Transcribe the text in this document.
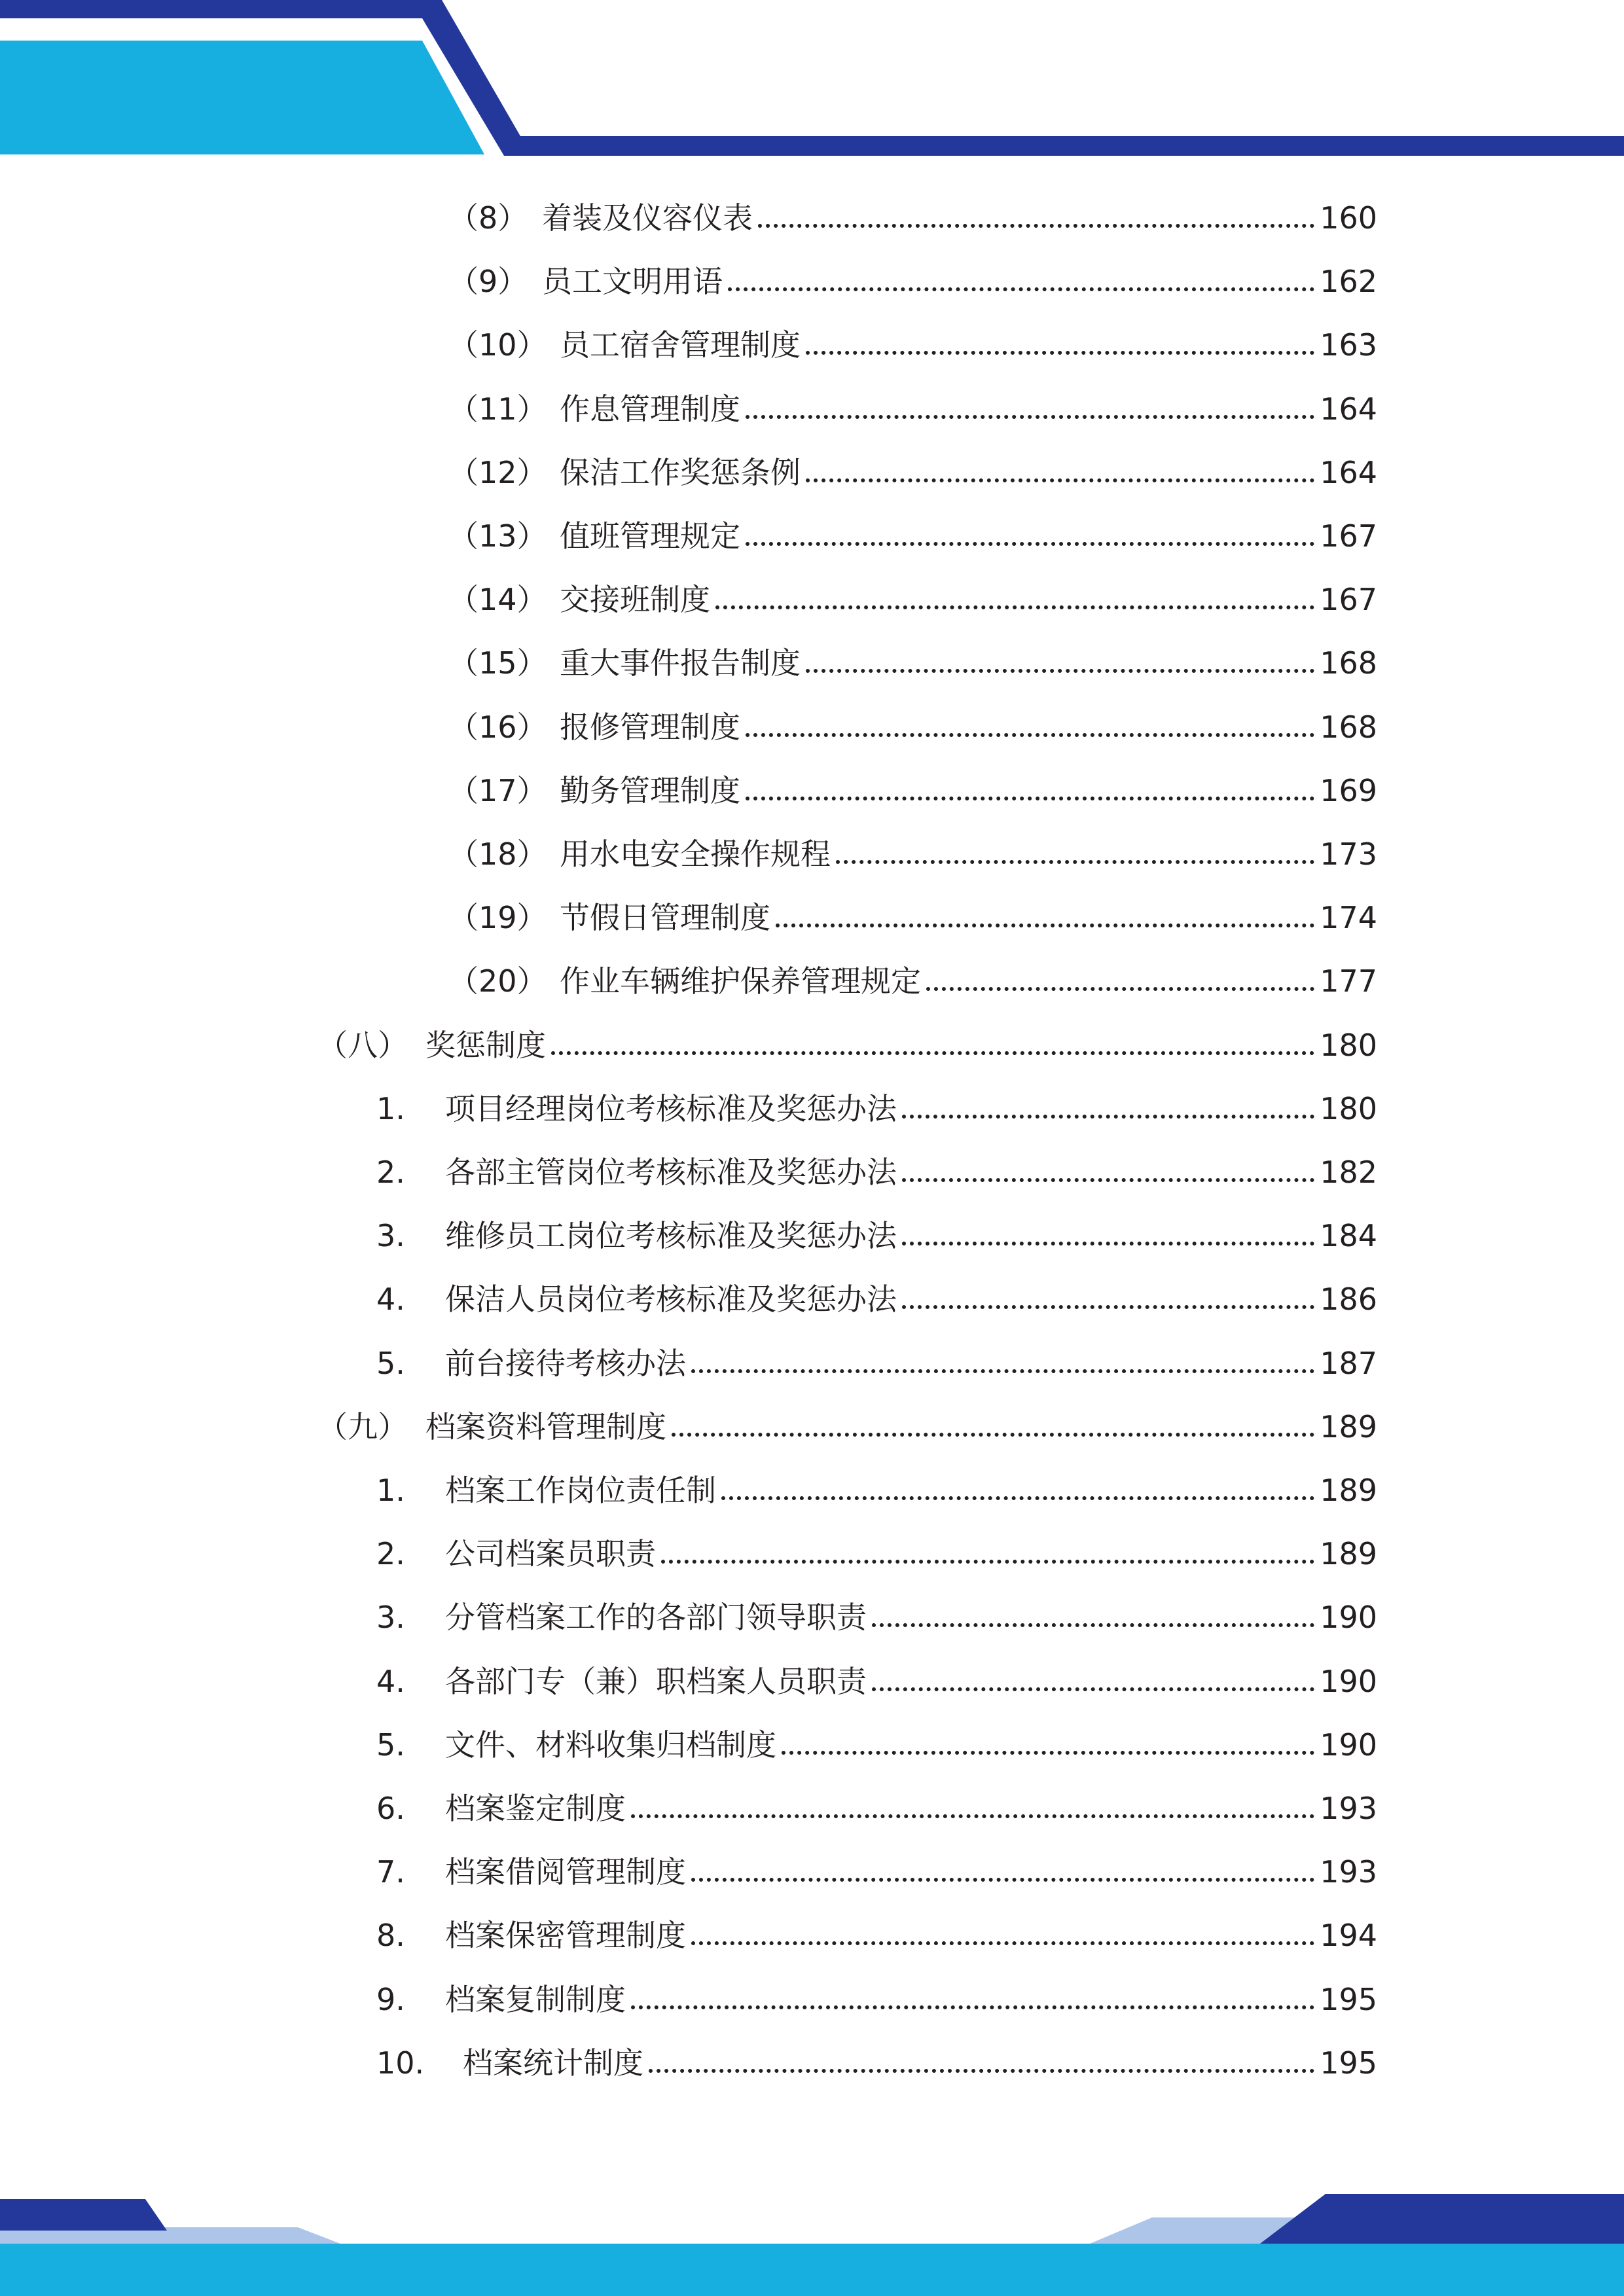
（8） 着装及仪容仪表	160
（9） 员工文明用语	162
（10） 员工宿舍管理制度	163
（11） 作息管理制度	164
（12） 保洁工作奖惩条例	164
（13） 值班管理规定	167
（14） 交接班制度	167
（15） 重大事件报告制度	168
（16） 报修管理制度	168
（17） 勤务管理制度	169
（18） 用水电安全操作规程	173
（19） 节假日管理制度	174
（20） 作业车辆维护保养管理规定	177
（八） 奖惩制度	180
1. 项目经理岗位考核标准及奖惩办法	180
2. 各部主管岗位考核标准及奖惩办法	182
3. 维修员工岗位考核标准及奖惩办法	184
4. 保洁人员岗位考核标准及奖惩办法	186
5. 前台接待考核办法	187
（九） 档案资料管理制度	189
1. 档案工作岗位责任制	189
2. 公司档案员职责	189
3. 分管档案工作的各部门领导职责	190
4. 各部门专（兼）职档案人员职责	190
5. 文件、材料收集归档制度	190
6. 档案鉴定制度	193
7. 档案借阅管理制度	193
8. 档案保密管理制度	194
9. 档案复制制度	195
10. 档案统计制度	195
